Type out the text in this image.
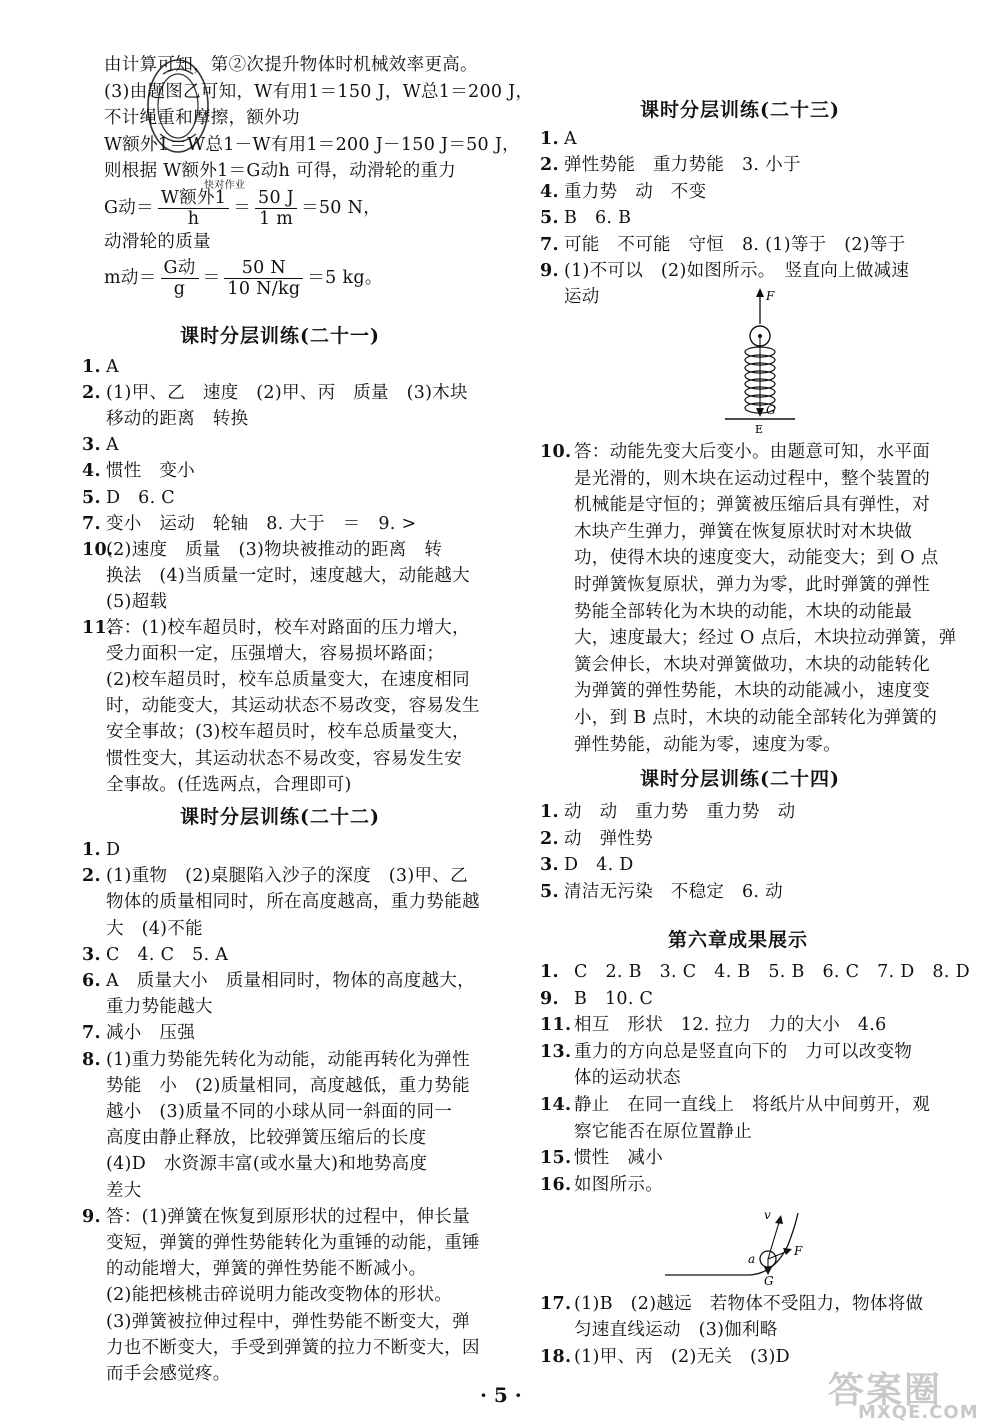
由计算可知，第②次提升物体时机械效率更高。
(3)由题图乙可知，W有用1＝150 J，W总1＝200 J，
不计绳重和摩擦，额外功
W额外1＝W总1－W有用1＝200 J－150 J＝50 J，
则根据 W额外1＝G动h 可得，动滑轮的重力
快对作业
G动＝ $\frac{\text{W额外1}}{h} = \frac{50 J}{1 m} =50$ N，
动滑轮的质量
m动＝ $\frac{\text{G动}}{g} = \frac{50 N}{10 N/kg} =5$ kg。
课时分层训练(二十一)
1. A
2. (1)甲、乙　速度　(2)甲、丙　质量　(3)木块
移动的距离　转换
3. A
4. 惯性　变小
5. D　6. C
7. 变小　运动　轮轴　8. 大于　＝　9. >
10.(2)速度　质量　(3)物块被推动的距离　转
换法　(4)当质量一定时，速度越大，动能越大
(5)超载
11.答：(1)校车超员时，校车对路面的压力增大，
受力面积一定，压强增大，容易损坏路面；
(2)校车超员时，校车总质量变大，在速度相同
时，动能变大，其运动状态不易改变，容易发生
安全事故；(3)校车超员时，校车总质量变大，
惯性变大，其运动状态不易改变，容易发生安
全事故。(任选两点，合理即可)
课时分层训练(二十二)
1. D
2. (1)重物　(2)桌腿陷入沙子的深度　(3)甲、乙
物体的质量相同时，所在高度越高，重力势能越
大　(4)不能
3. C　4. C　5. A
6. A　质量大小　质量相同时，物体的高度越大，
重力势能越大
7. 减小　压强
8. (1)重力势能先转化为动能，动能再转化为弹性
势能　小　(2)质量相同，高度越低，重力势能
越小　(3)质量不同的小球从同一斜面的同一
高度由静止释放，比较弹簧压缩后的长度
(4)D　水资源丰富(或水量大)和地势高度
差大
9. 答：(1)弹簧在恢复到原形状的过程中，伸长量
变短，弹簧的弹性势能转化为重锤的动能，重锤
的动能增大，弹簧的弹性势能不断减小。
(2)能把核桃击碎说明力能改变物体的形状。
(3)弹簧被拉伸过程中，弹性势能不断变大，弹
力也不断变大，手受到弹簧的拉力不断变大，因
而手会感觉疼。
课时分层训练(二十三)
1. A
2. 弹性势能　重力势能　3. 小于
4. 重力势　动　不变
5. B　6. B
7. 可能　不可能　守恒　8. (1)等于　(2)等于
9. (1)不可以　(2)如图所示。　竖直向上做减速
运动	F
G
E
10. 答：动能先变大后变小。由题意可知，水平面
是光滑的，则木块在运动过程中，整个装置的
机械能是守恒的；弹簧被压缩后具有弹性，对
木块产生弹力，弹簧在恢复原状时对木块做
功，使得木块的速度变大，动能变大；到 O 点
时弹簧恢复原状，弹力为零，此时弹簧的弹性
势能全部转化为木块的动能，木块的动能最
大，速度最大；经过 O 点后，木块拉动弹簧，弹
簧会伸长，木块对弹簧做功，木块的动能转化
为弹簧的弹性势能，木块的动能减小，速度变
小，到 B 点时，木块的动能全部转化为弹簧的
弹性势能，动能为零，速度为零。
课时分层训练(二十四)
1. 动　动　重力势　重力势　动
2. 动　弹性势
3. D　4. D
5. 清洁无污染　不稳定　6. 动
第六章成果展示
1. C　2. B　3. C　4. B　5. B　6. C　7. D　8. D
9. B　10. C
11. 相互　形状　12. 拉力　力的大小　4.6
13. 重力的方向总是竖直向下的　力可以改变物
体的运动状态
14. 静止　在同一直线上　将纸片从中间剪开，观
察它能否在原位置静止
15. 惯性　减小
16. 如图所示。
v
a
F
G
17. (1)B　(2)越远　若物体不受阻力，物体将做
匀速直线运动　(3)伽利略
18. (1)甲、丙　(2)无关　(3)D
· 5 ·	答案圈
MXQE.COM
